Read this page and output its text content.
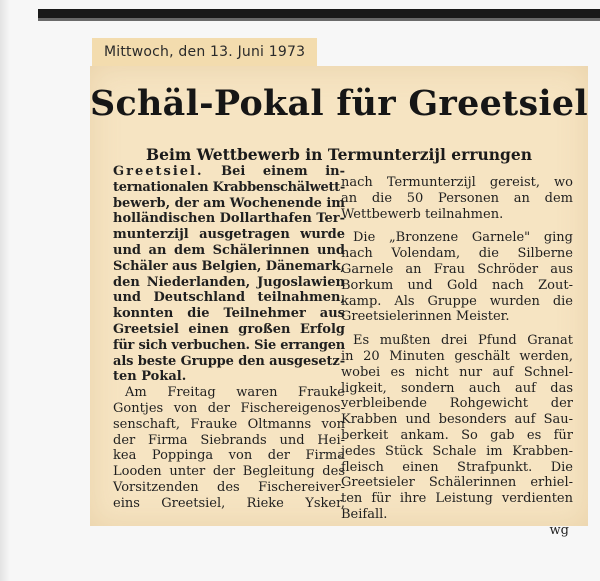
Mittwoch, den 13. Juni 1973
Schäl-Pokal für Greetsiel
Beim Wettbewerb in Termunterzijl errungen

Greetsiel. Bei einem in-
ternationalen Krabbenschälwett-
bewerb, der am Wochenende im
holländischen Dollarthafen Ter-
munterzijl ausgetragen wurde
und an dem Schälerinnen und
Schäler aus Belgien, Dänemark,
den Niederlanden, Jugoslawien
und Deutschland teilnahmen,
konnten die Teilnehmer aus
Greetsiel einen großen Erfolg
für sich verbuchen. Sie errangen
als beste Gruppe den ausgesetz-
ten Pokal.

Am Freitag waren Frauke
Gontjes von der Fischereigenos-
senschaft, Frauke Oltmanns von
der Firma Siebrands und Hei-
kea Poppinga von der Firma
Looden unter der Begleitung des
Vorsitzenden des Fischereiver-
eins Greetsiel, Rieke Ysker,

nach Termunterzijl gereist, wo
an die 50 Personen an dem
Wettbewerb teilnahmen.

Die „Bronzene Garnele" ging
nach Volendam, die Silberne
Garnele an Frau Schröder aus
Borkum und Gold nach Zout-
kamp. Als Gruppe wurden die
Greetsielerinnen Meister.

Es mußten drei Pfund Granat
in 20 Minuten geschält werden,
wobei es nicht nur auf Schnel-
ligkeit, sondern auch auf das
verbleibende Rohgewicht der
Krabben und besonders auf Sau-
berkeit ankam. So gab es für
jedes Stück Schale im Krabben-
fleisch einen Strafpunkt. Die
Greetsieler Schälerinnen erhiel-
ten für ihre Leistung verdienten
Beifall.

wg
